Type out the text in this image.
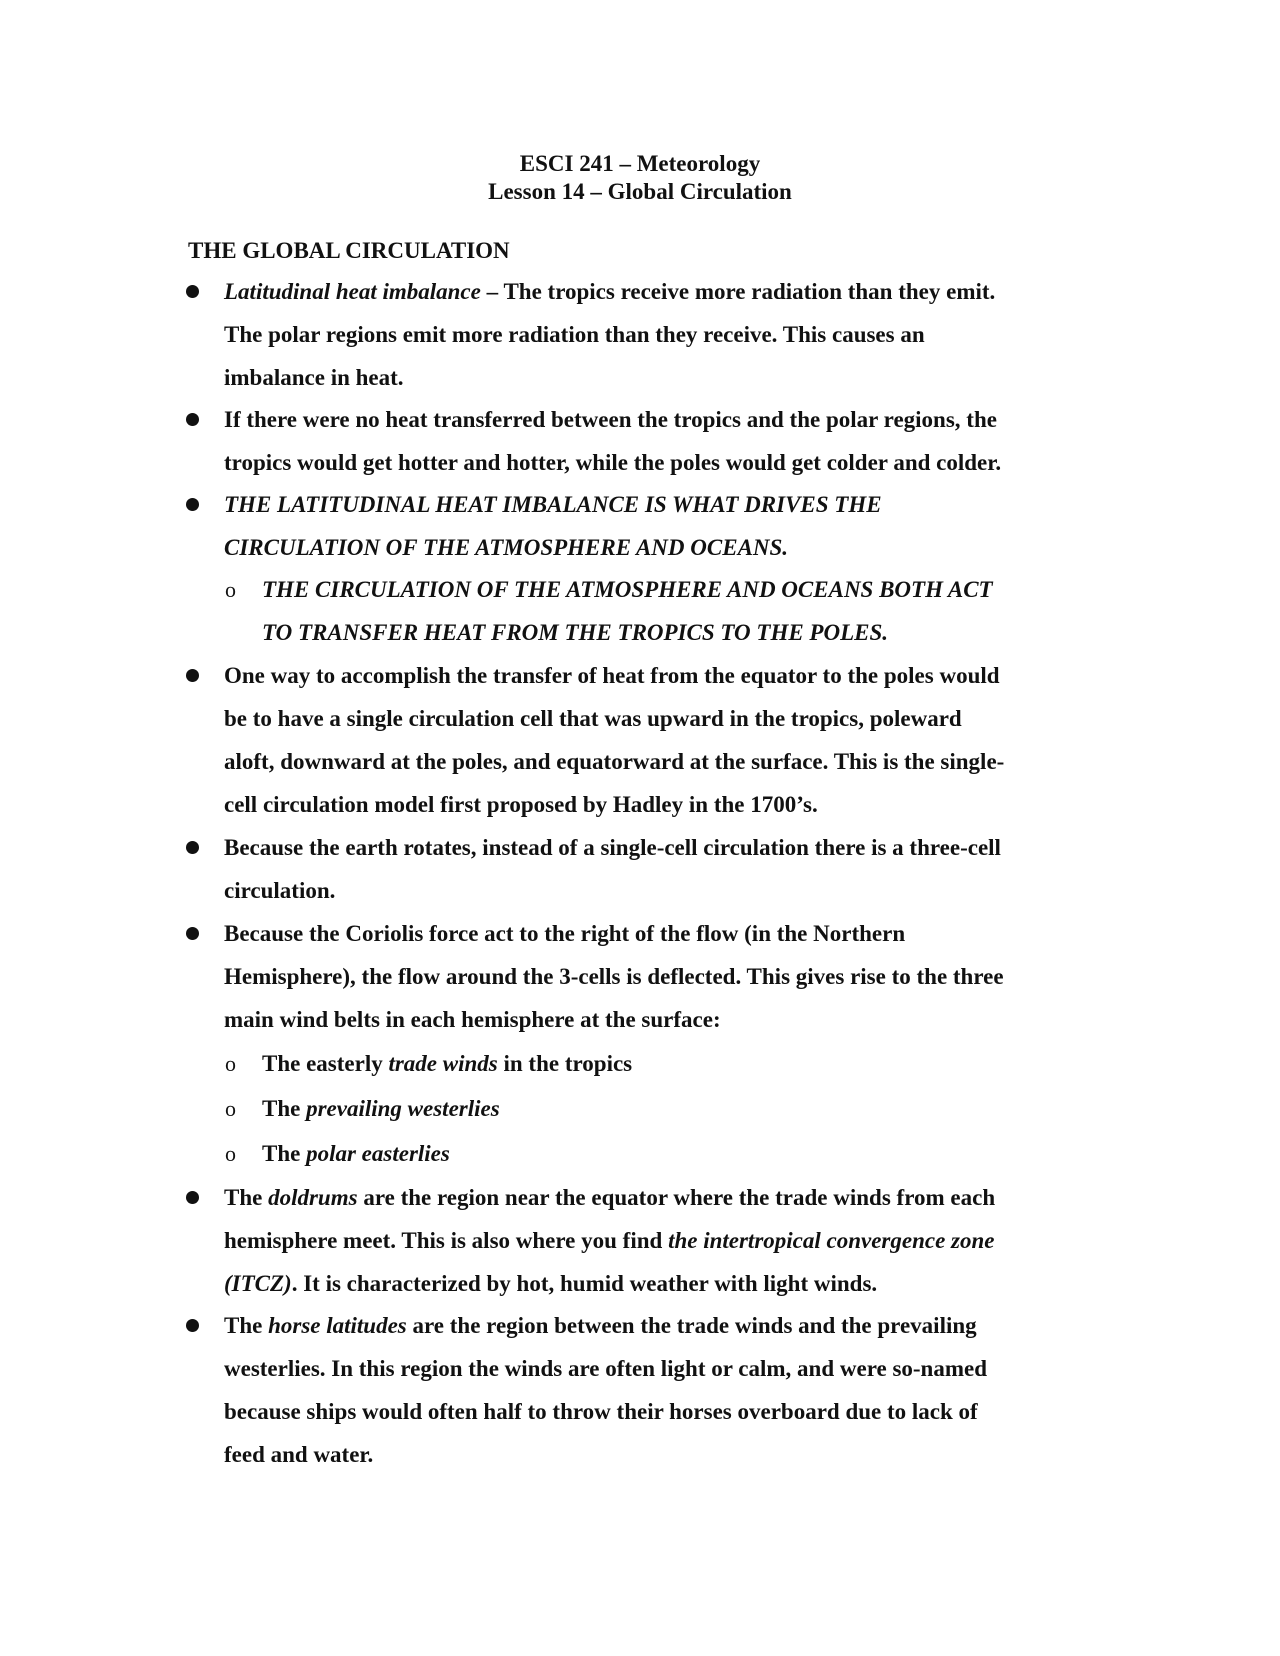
ESCI 241 – Meteorology
Lesson 14 – Global Circulation
THE GLOBAL CIRCULATION
Latitudinal heat imbalance – The tropics receive more radiation than they emit.
The polar regions emit more radiation than they receive. This causes an
imbalance in heat.
If there were no heat transferred between the tropics and the polar regions, the
tropics would get hotter and hotter, while the poles would get colder and colder.
THE LATITUDINAL HEAT IMBALANCE IS WHAT DRIVES THE
CIRCULATION OF THE ATMOSPHERE AND OCEANS.
o THE CIRCULATION OF THE ATMOSPHERE AND OCEANS BOTH ACT
TO TRANSFER HEAT FROM THE TROPICS TO THE POLES.
One way to accomplish the transfer of heat from the equator to the poles would
be to have a single circulation cell that was upward in the tropics, poleward
aloft, downward at the poles, and equatorward at the surface. This is the single-
cell circulation model first proposed by Hadley in the 1700’s.
Because the earth rotates, instead of a single-cell circulation there is a three-cell
circulation.
Because the Coriolis force act to the right of the flow (in the Northern
Hemisphere), the flow around the 3-cells is deflected. This gives rise to the three
main wind belts in each hemisphere at the surface:
o The easterly trade winds in the tropics
o The prevailing westerlies
o The polar easterlies
The doldrums are the region near the equator where the trade winds from each
hemisphere meet. This is also where you find the intertropical convergence zone
(ITCZ). It is characterized by hot, humid weather with light winds.
The horse latitudes are the region between the trade winds and the prevailing
westerlies. In this region the winds are often light or calm, and were so-named
because ships would often half to throw their horses overboard due to lack of
feed and water.
